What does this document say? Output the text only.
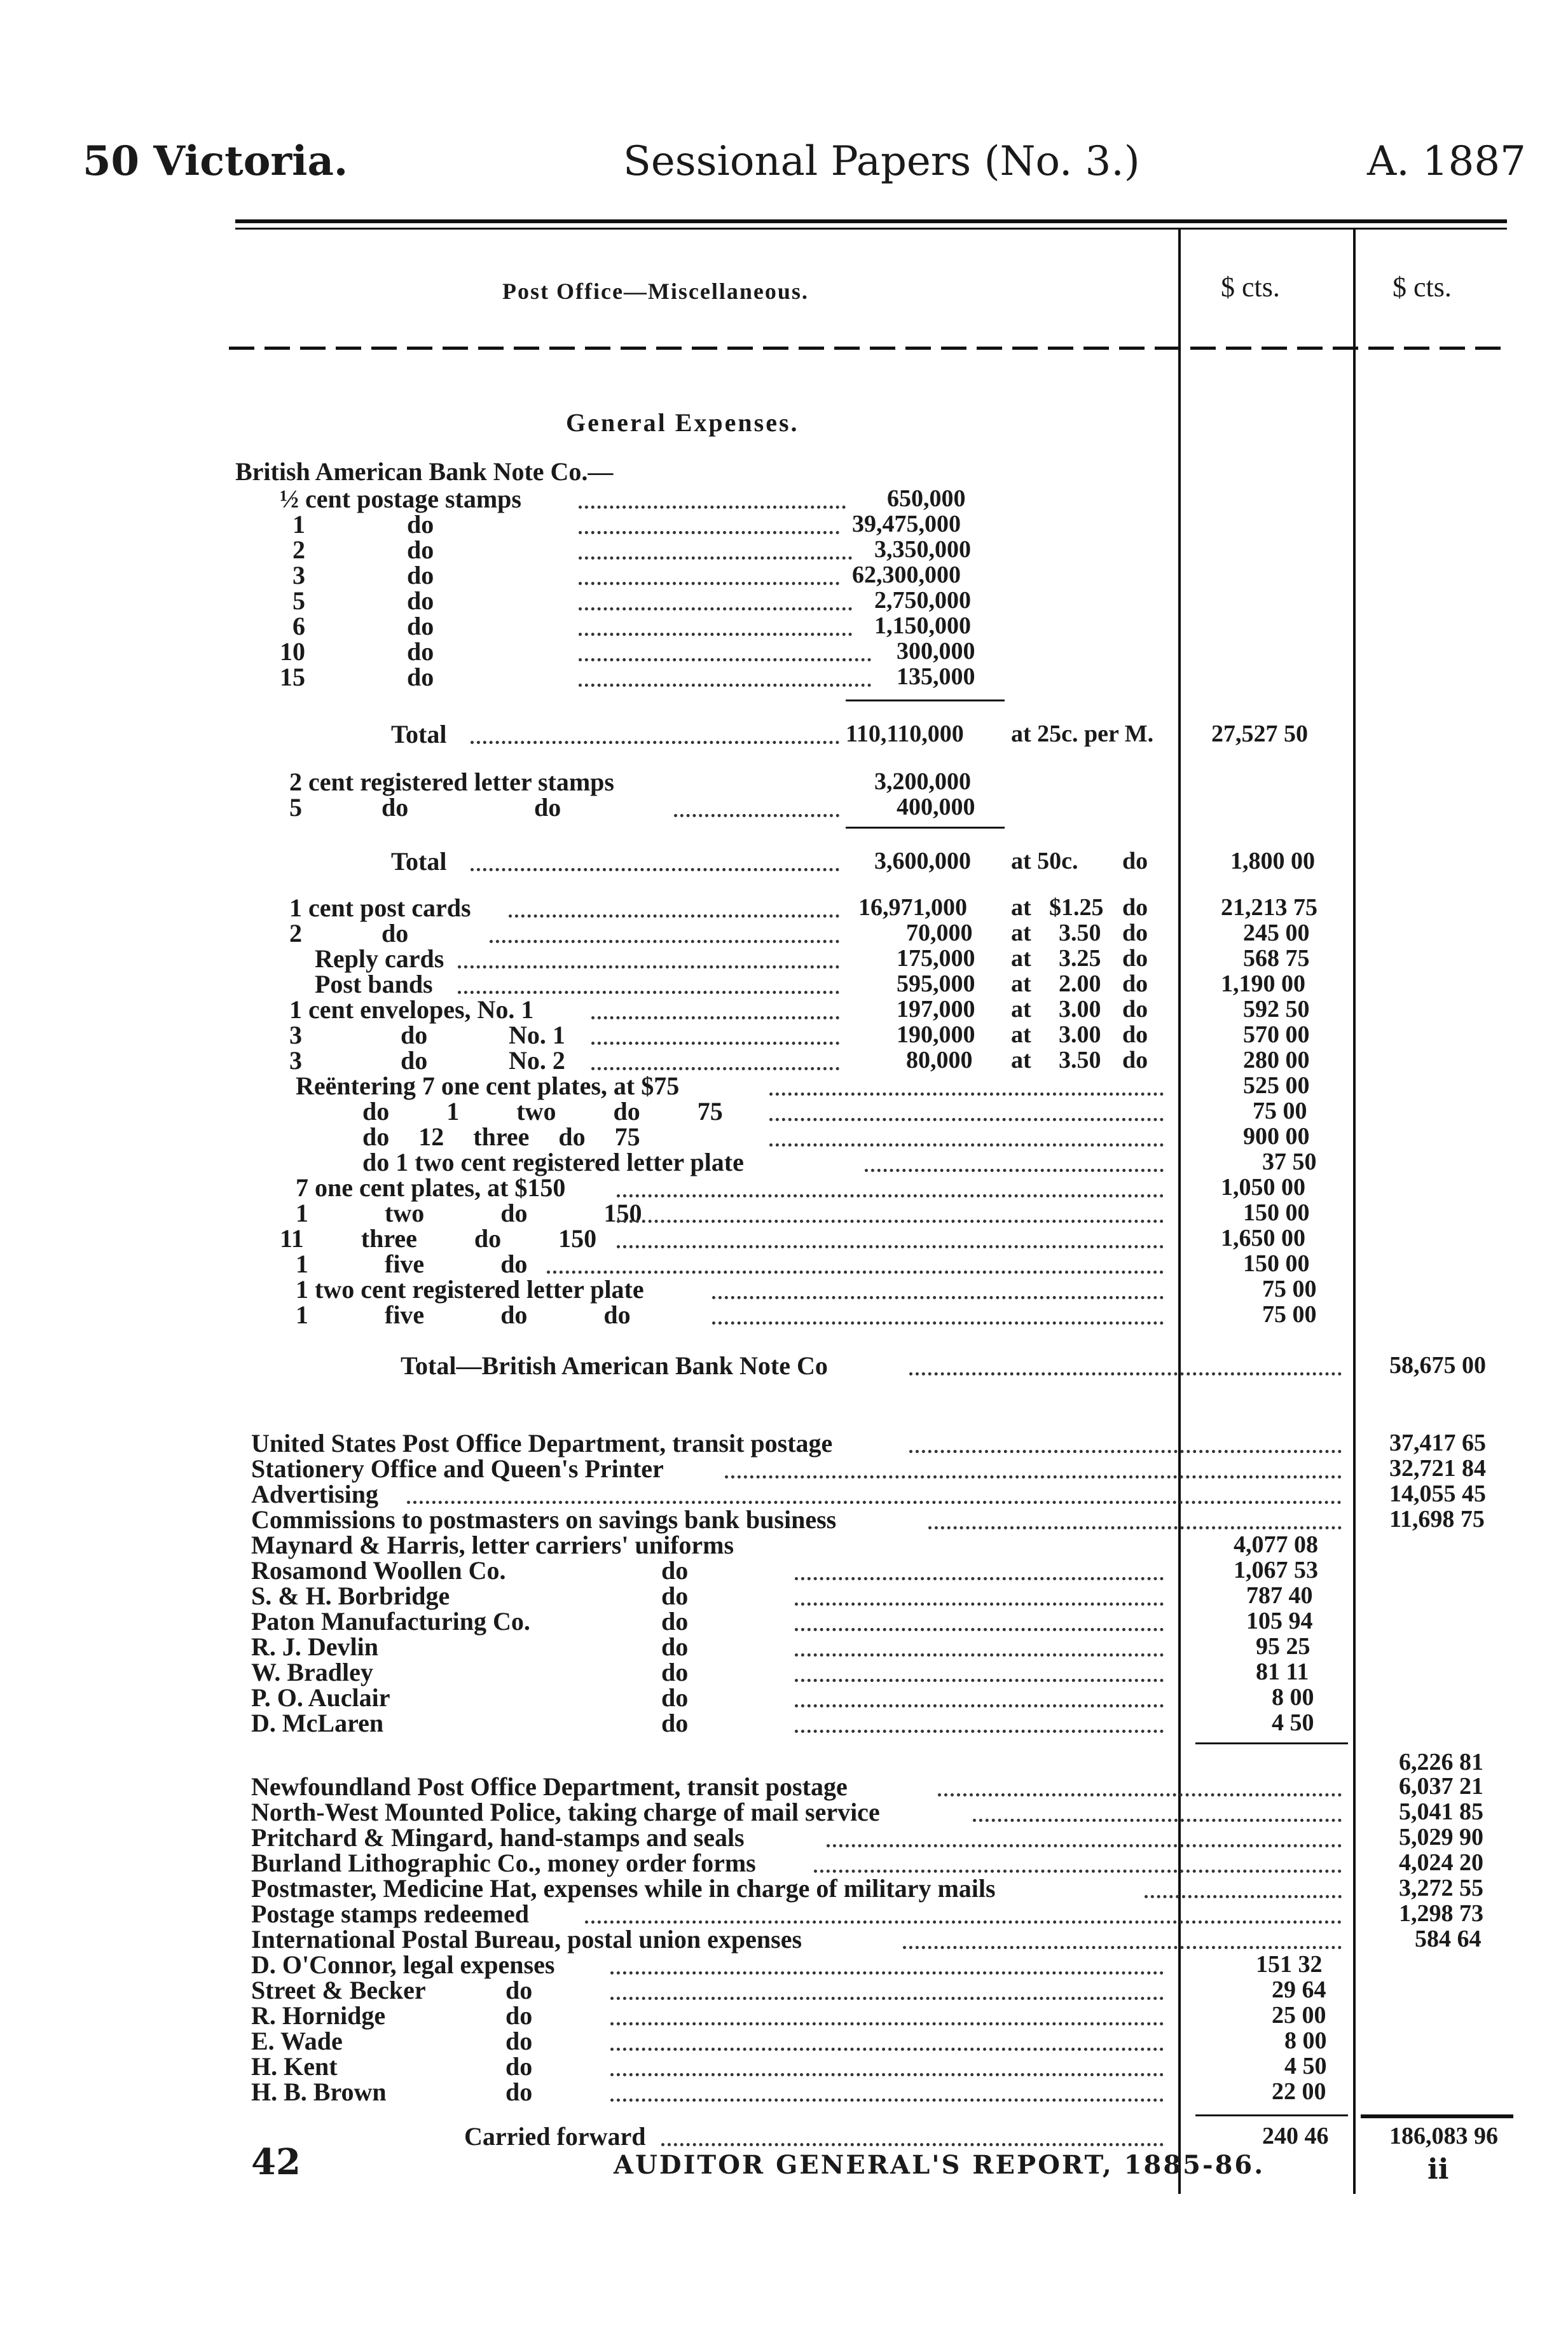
50 Victoria.	Sessional Papers (No. 3.)	A. 1887
Post Office—Miscellaneous.	$ cts.	$ cts.
General Expenses.
British American Bank Note Co.—
½ cent postage stamps	650,000
1	do	39,475,000
2	do	3,350,000
3	do	62,300,000
5	do	2,750,000
6	do	1,150,000
10	do	300,000
15	do	135,000
Total	110,110,000 at 25c. per M. 27,527 50
2 cent registered letter stamps	3,200,000
5	do	do	400,000
Total	3,600,000 at 50c. do	1,800 00
1 cent post cards	16,971,000 at $1.25 do	21,213 75
2	do	70,000 at 3.50 do	245 00
Reply cards	175,000 at 3.25 do	568 75
Post bands	595,000 at 2.00 do	1,190 00
1 cent envelopes, No. 1	197,000 at 3.00 do	592 50
3	do	No. 1	190,000 at 3.00 do	570 00
3	do	No. 2	80,000 at 3.50 do	280 00
Reëntering 7 one cent plates, at $75	525 00
do 1 two do 75	75 00
do 12 three do 75	900 00
do 1 two cent registered letter plate	37 50
7 one cent plates, at $150	1,050 00
1 two do 150	150 00
11 three do 150	1,650 00
1 five do	150 00
1 two cent registered letter plate	75 00
1 five do do	75 00
Total—British American Bank Note Co	58,675 00
United States Post Office Department, transit postage	37,417 65
Stationery Office and Queen's Printer	32,721 84
Advertising	14,055 45
Commissions to postmasters on savings bank business	11,698 75
Maynard & Harris, letter carriers' uniforms	4,077 08
Rosamond Woollen Co.	do	1,067 53
S. & H. Borbridge	do	787 40
Paton Manufacturing Co.	do	105 94
R. J. Devlin	do	95 25
W. Bradley	do	81 11
P. O. Auclair	do	8 00
D. McLaren	do	4 50
6,226 81
Newfoundland Post Office Department, transit postage	6,037 21
North-West Mounted Police, taking charge of mail service	5,041 85
Pritchard & Mingard, hand-stamps and seals	5,029 90
Burland Lithographic Co., money order forms	4,024 20
Postmaster, Medicine Hat, expenses while in charge of military mails	3,272 55
Postage stamps redeemed	1,298 73
International Postal Bureau, postal union expenses	584 64
D. O'Connor, legal expenses	151 32
Street & Becker	do	29 64
R. Hornidge	do	25 00
E. Wade	do	8 00
H. Kent	do	4 50
H. B. Brown	do	22 00
Carried forward	240 46	186,083 96
42	AUDITOR GENERAL'S REPORT, 1885-86.	ii
